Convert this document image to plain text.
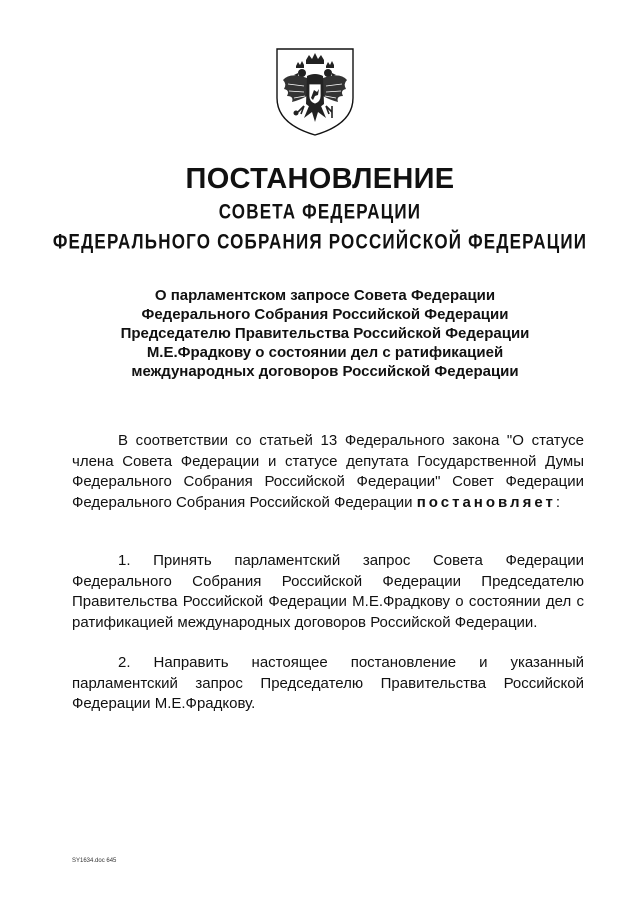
ПОСТАНОВЛЕНИЕ
СОВЕТА ФЕДЕРАЦИИ
ФЕДЕРАЛЬНОГО СОБРАНИЯ РОССИЙСКОЙ ФЕДЕРАЦИИ
О парламентском запросе Совета Федерации
Федерального Собрания Российской Федерации
Председателю Правительства Российской Федерации
М.Е.Фрадкову о состоянии дел с ратификацией
международных договоров Российской Федерации

В соответствии со статьей 13 Федерального закона "О статусе члена Совета Федерации и статусе депутата Государственной Думы Федерального Собрания Российской Федерации" Совет Федерации Федерального Собрания Российской Федерации постановляет:

1. Принять парламентский запрос Совета Федерации Федерального Собрания Российской Федерации Председателю Правительства Российской Федерации М.Е.Фрадкову о состоянии дел с ратификацией международных договоров Российской Федерации.

2. Направить настоящее постановление и указанный парламентский запрос Председателю Правительства Российской Федерации М.Е.Фрадкову.

SY1634.doc 645
